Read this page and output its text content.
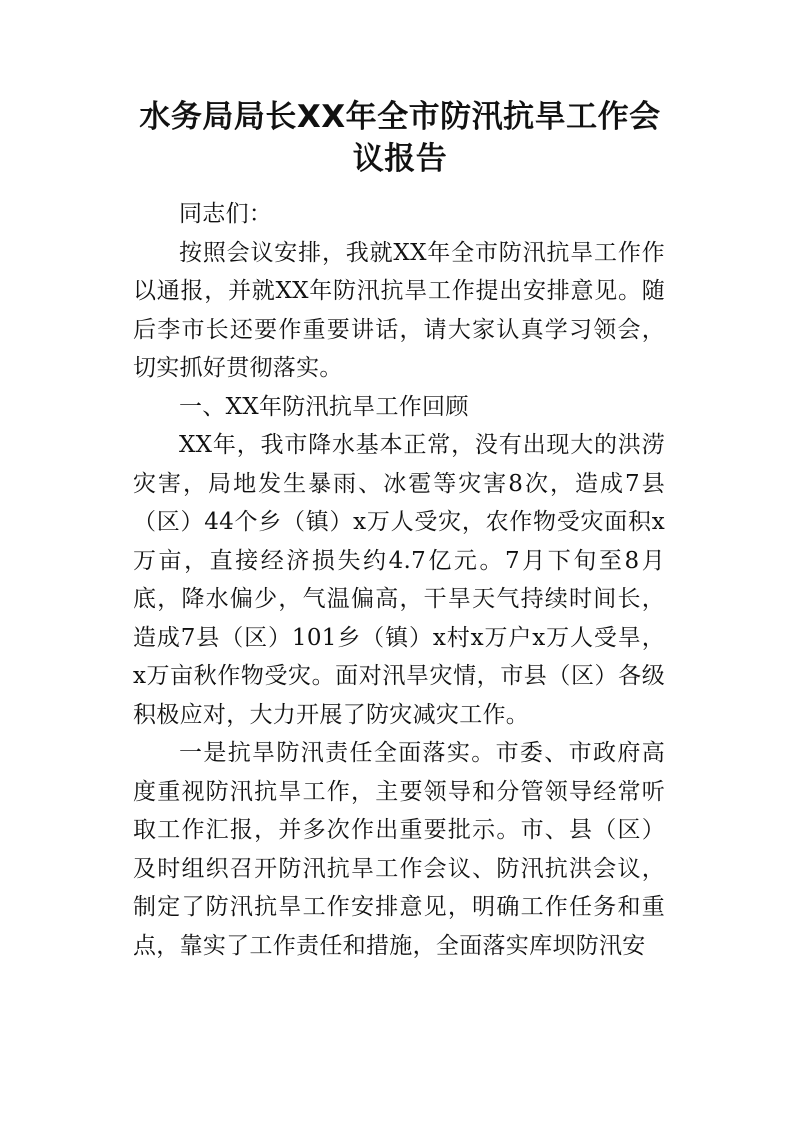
水务局局长XX年全市防汛抗旱工作会
议报告

同志们：

按照会议安排，我就XX年全市防汛抗旱工作作以通报，并就XX年防汛抗旱工作提出安排意见。随后李市长还要作重要讲话，请大家认真学习领会，切实抓好贯彻落实。

一、XX年防汛抗旱工作回顾

XX年，我市降水基本正常，没有出现大的洪涝灾害，局地发生暴雨、冰雹等灾害8次，造成7县（区）44个乡（镇）x万人受灾，农作物受灾面积x万亩，直接经济损失约4.7亿元。7月下旬至8月底，降水偏少，气温偏高，干旱天气持续时间长，造成7县（区）101乡（镇）x村x万户x万人受旱，x万亩秋作物受灾。面对汛旱灾情，市县（区）各级积极应对，大力开展了防灾减灾工作。

一是抗旱防汛责任全面落实。市委、市政府高度重视防汛抗旱工作，主要领导和分管领导经常听取工作汇报，并多次作出重要批示。市、县（区）及时组织召开防汛抗旱工作会议、防汛抗洪会议，制定了防汛抗旱工作安排意见，明确工作任务和重点，靠实了工作责任和措施，全面落实库坝防汛安
